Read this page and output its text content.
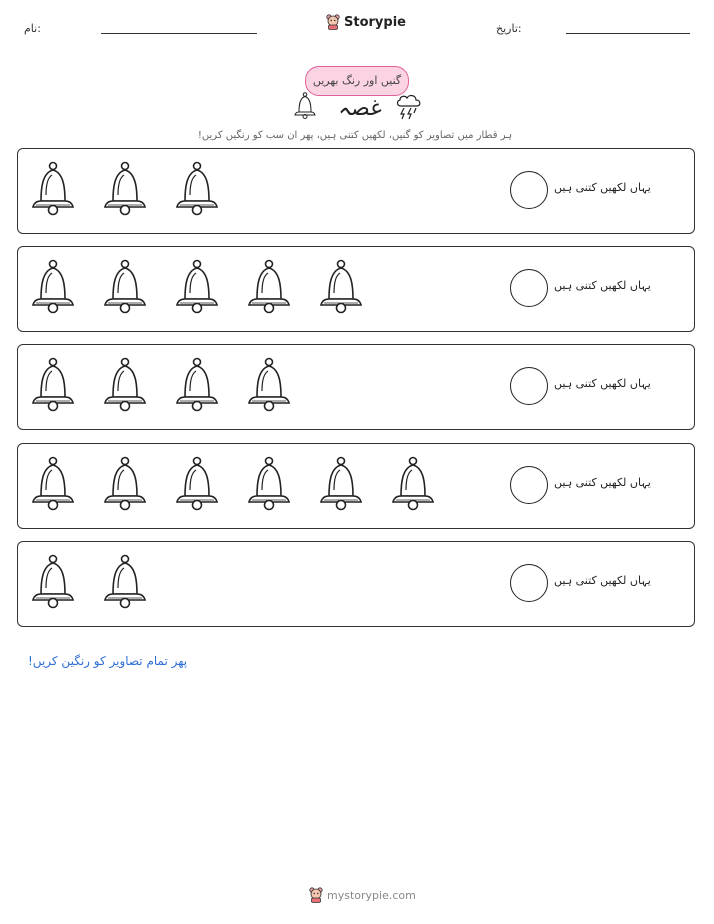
نام:	Storypie	تاریخ:
گنیں اور رنگ بھریں
غصہ
ہر قطار میں تصاویر کو گنیں، لکھیں کتنی ہیں، پھر ان سب کو رنگیں کریں!
یہاں لکھیں کتنی ہیں
یہاں لکھیں کتنی ہیں
یہاں لکھیں کتنی ہیں
یہاں لکھیں کتنی ہیں
یہاں لکھیں کتنی ہیں
پھر تمام تصاویر کو رنگین کریں!
mystorypie.com
